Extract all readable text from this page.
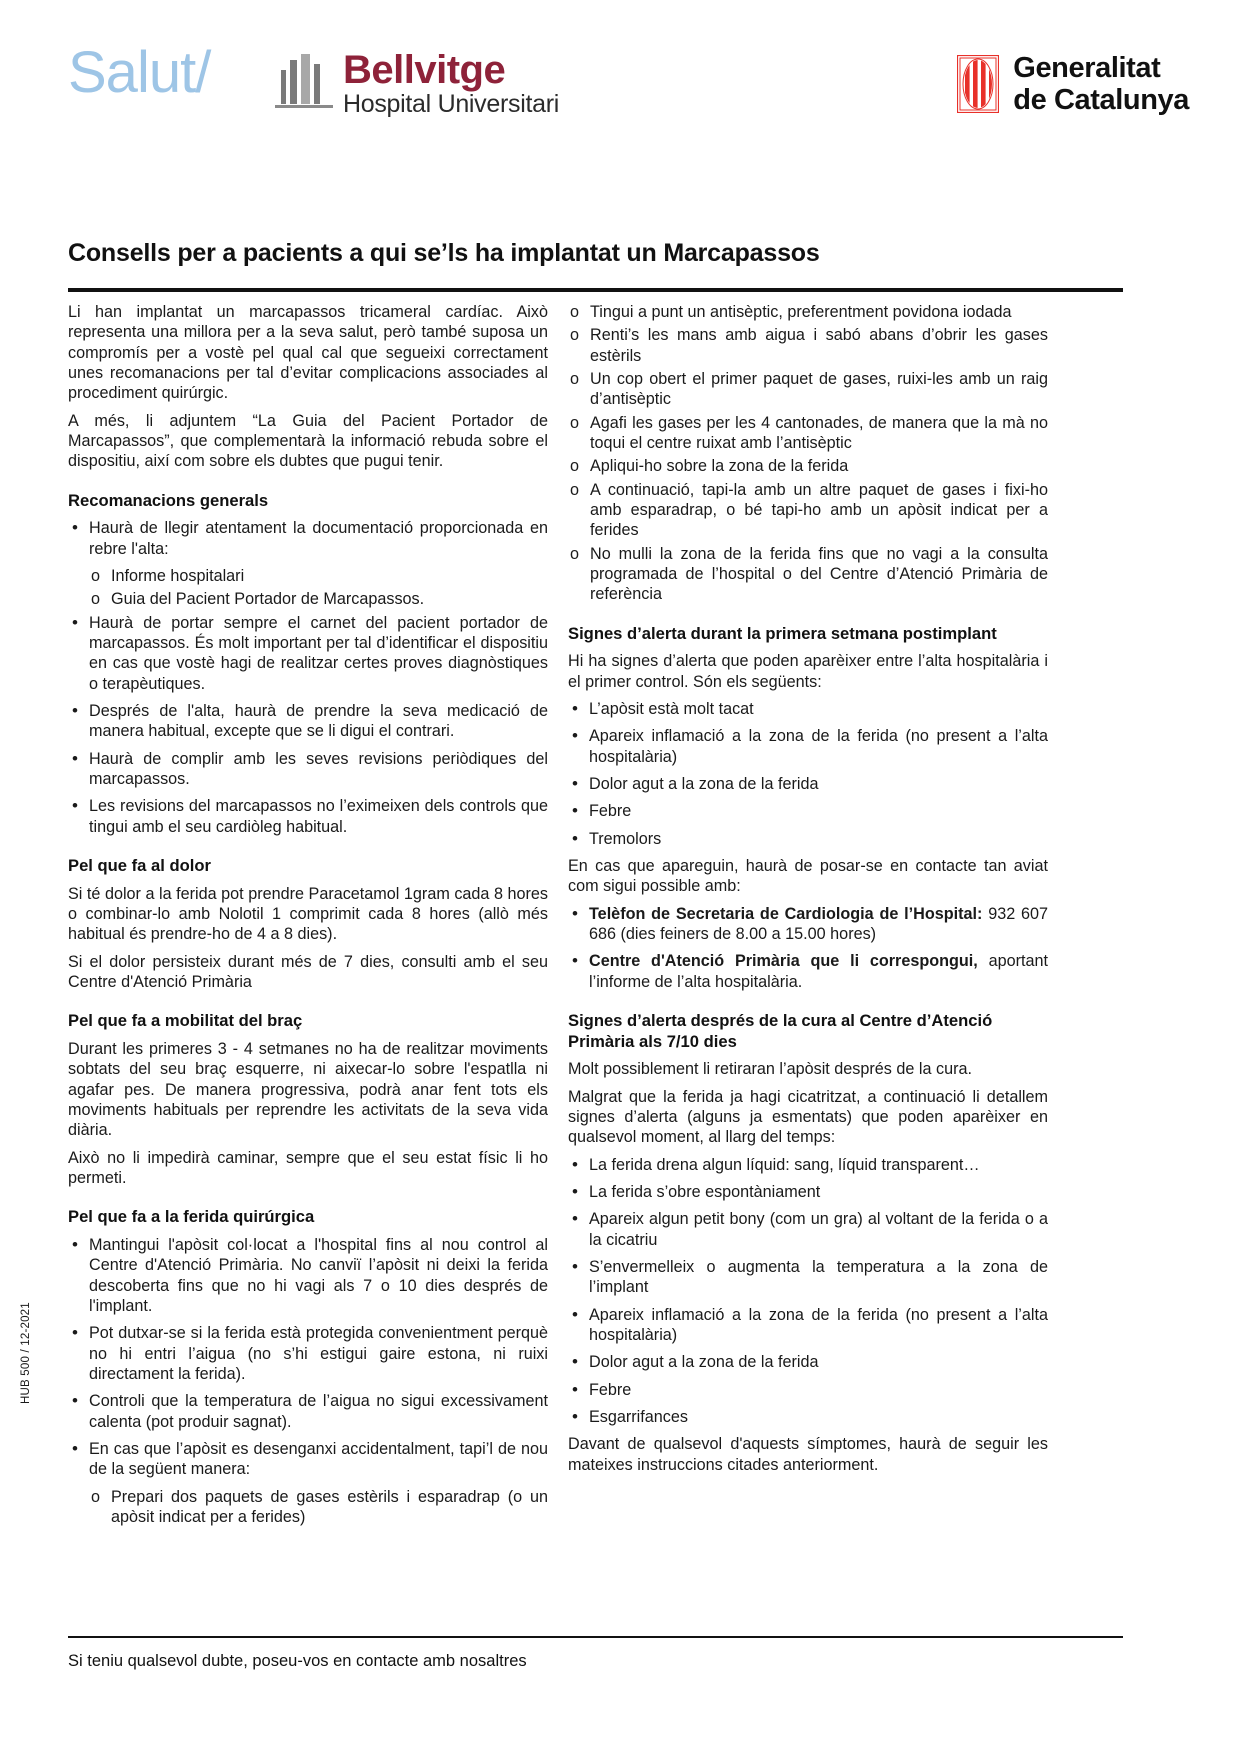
Salut/	Bellvitge
Hospital Universitari
Generalitat
de Catalunya
Consells per a pacients a qui se’ls ha implantat un Marcapassos
HUB 500 / 12-2021

Li han implantat un marcapassos tricameral cardíac. Això representa una millora per a la seva salut, però també suposa un compromís per a vostè pel qual cal que segueixi correctament unes recomanacions per tal d’evitar complicacions associades al procediment quirúrgic.

A més, li adjuntem “La Guia del Pacient Portador de Marcapassos”, que complementarà la informació rebuda sobre el dispositiu, així com sobre els dubtes que pugui tenir.

Recomanacions generals
• Haurà de llegir atentament la documentació proporcionada en rebre l'alta:
o Informe hospitalari
o Guia del Pacient Portador de Marcapassos.
• Haurà de portar sempre el carnet del pacient portador de marcapassos. És molt important per tal d’identificar el dispositiu en cas que vostè hagi de realitzar certes proves diagnòstiques o terapèutiques.
• Després de l'alta, haurà de prendre la seva medicació de manera habitual, excepte que se li digui el contrari.
• Haurà de complir amb les seves revisions periòdiques del marcapassos.
• Les revisions del marcapassos no l’eximeixen dels controls que tingui amb el seu cardiòleg habitual.
Pel que fa al dolor

Si té dolor a la ferida pot prendre Paracetamol 1gram cada 8 hores o combinar-lo amb Nolotil 1 comprimit cada 8 hores (allò més habitual és prendre-ho de 4 a 8 dies).

Si el dolor persisteix durant més de 7 dies, consulti amb el seu Centre d'Atenció Primària

Pel que fa a mobilitat del braç

Durant les primeres 3 - 4 setmanes no ha de realitzar moviments sobtats del seu braç esquerre, ni aixecar-lo sobre l'espatlla ni agafar pes. De manera progressiva, podrà anar fent tots els moviments habituals per reprendre les activitats de la seva vida diària.

Això no li impedirà caminar, sempre que el seu estat físic li ho permeti.

Pel que fa a la ferida quirúrgica
• Mantingui l'apòsit col·locat a l'hospital fins al nou control al Centre d'Atenció Primària. No canviï l’apòsit ni deixi la ferida descoberta fins que no hi vagi als 7 o 10 dies després de l'implant.
• Pot dutxar-se si la ferida està protegida convenientment perquè no hi entri l’aigua (no s’hi estigui gaire estona, ni ruixi directament la ferida).
• Controli que la temperatura de l’aigua no sigui excessivament calenta (pot produir sagnat).
• En cas que l’apòsit es desenganxi accidentalment, tapi’l de nou de la següent manera:
o Prepari dos paquets de gases estèrils i esparadrap (o un apòsit indicat per a ferides)
o Tingui a punt un antisèptic, preferentment povidona iodada
o Renti’s les mans amb aigua i sabó abans d’obrir les gases estèrils
o Un cop obert el primer paquet de gases, ruixi-les amb un raig d’antisèptic
o Agafi les gases per les 4 cantonades, de manera que la mà no toqui el centre ruixat amb l’antisèptic
o Apliqui-ho sobre la zona de la ferida
o A continuació, tapi-la amb un altre paquet de gases i fixi-ho amb esparadrap, o bé tapi-ho amb un apòsit indicat per a ferides
o No mulli la zona de la ferida fins que no vagi a la consulta programada de l’hospital o del Centre d’Atenció Primària de referència
Signes d’alerta durant la primera setmana postimplant

Hi ha signes d’alerta que poden aparèixer entre l’alta hospitalària i el primer control. Són els següents:

• L’apòsit està molt tacat
• Apareix inflamació a la zona de la ferida (no present a l’alta hospitalària)
• Dolor agut a la zona de la ferida
• Febre
• Tremolors

En cas que apareguin, haurà de posar-se en contacte tan aviat com sigui possible amb:

• Telèfon de Secretaria de Cardiologia de l’Hospital: 932 607 686 (dies feiners de 8.00 a 15.00 hores)
• Centre d'Atenció Primària que li correspongui, aportant l’informe de l’alta hospitalària.
Signes d’alerta després de la cura al Centre d’Atenció Primària als 7/10 dies

Molt possiblement li retiraran l’apòsit després de la cura.

Malgrat que la ferida ja hagi cicatritzat, a continuació li detallem signes d’alerta (alguns ja esmentats) que poden aparèixer en qualsevol moment, al llarg del temps:

• La ferida drena algun líquid: sang, líquid transparent…
• La ferida s’obre espontàniament
• Apareix algun petit bony (com un gra) al voltant de la ferida o a la cicatriu
• S’envermelleix o augmenta la temperatura a la zona de l’implant
• Apareix inflamació a la zona de la ferida (no present a l’alta hospitalària)
• Dolor agut a la zona de la ferida
• Febre
• Esgarrifances

Davant de qualsevol d'aquests símptomes, haurà de seguir les mateixes instruccions citades anteriorment.

Si teniu qualsevol dubte, poseu-vos en contacte amb nosaltres
